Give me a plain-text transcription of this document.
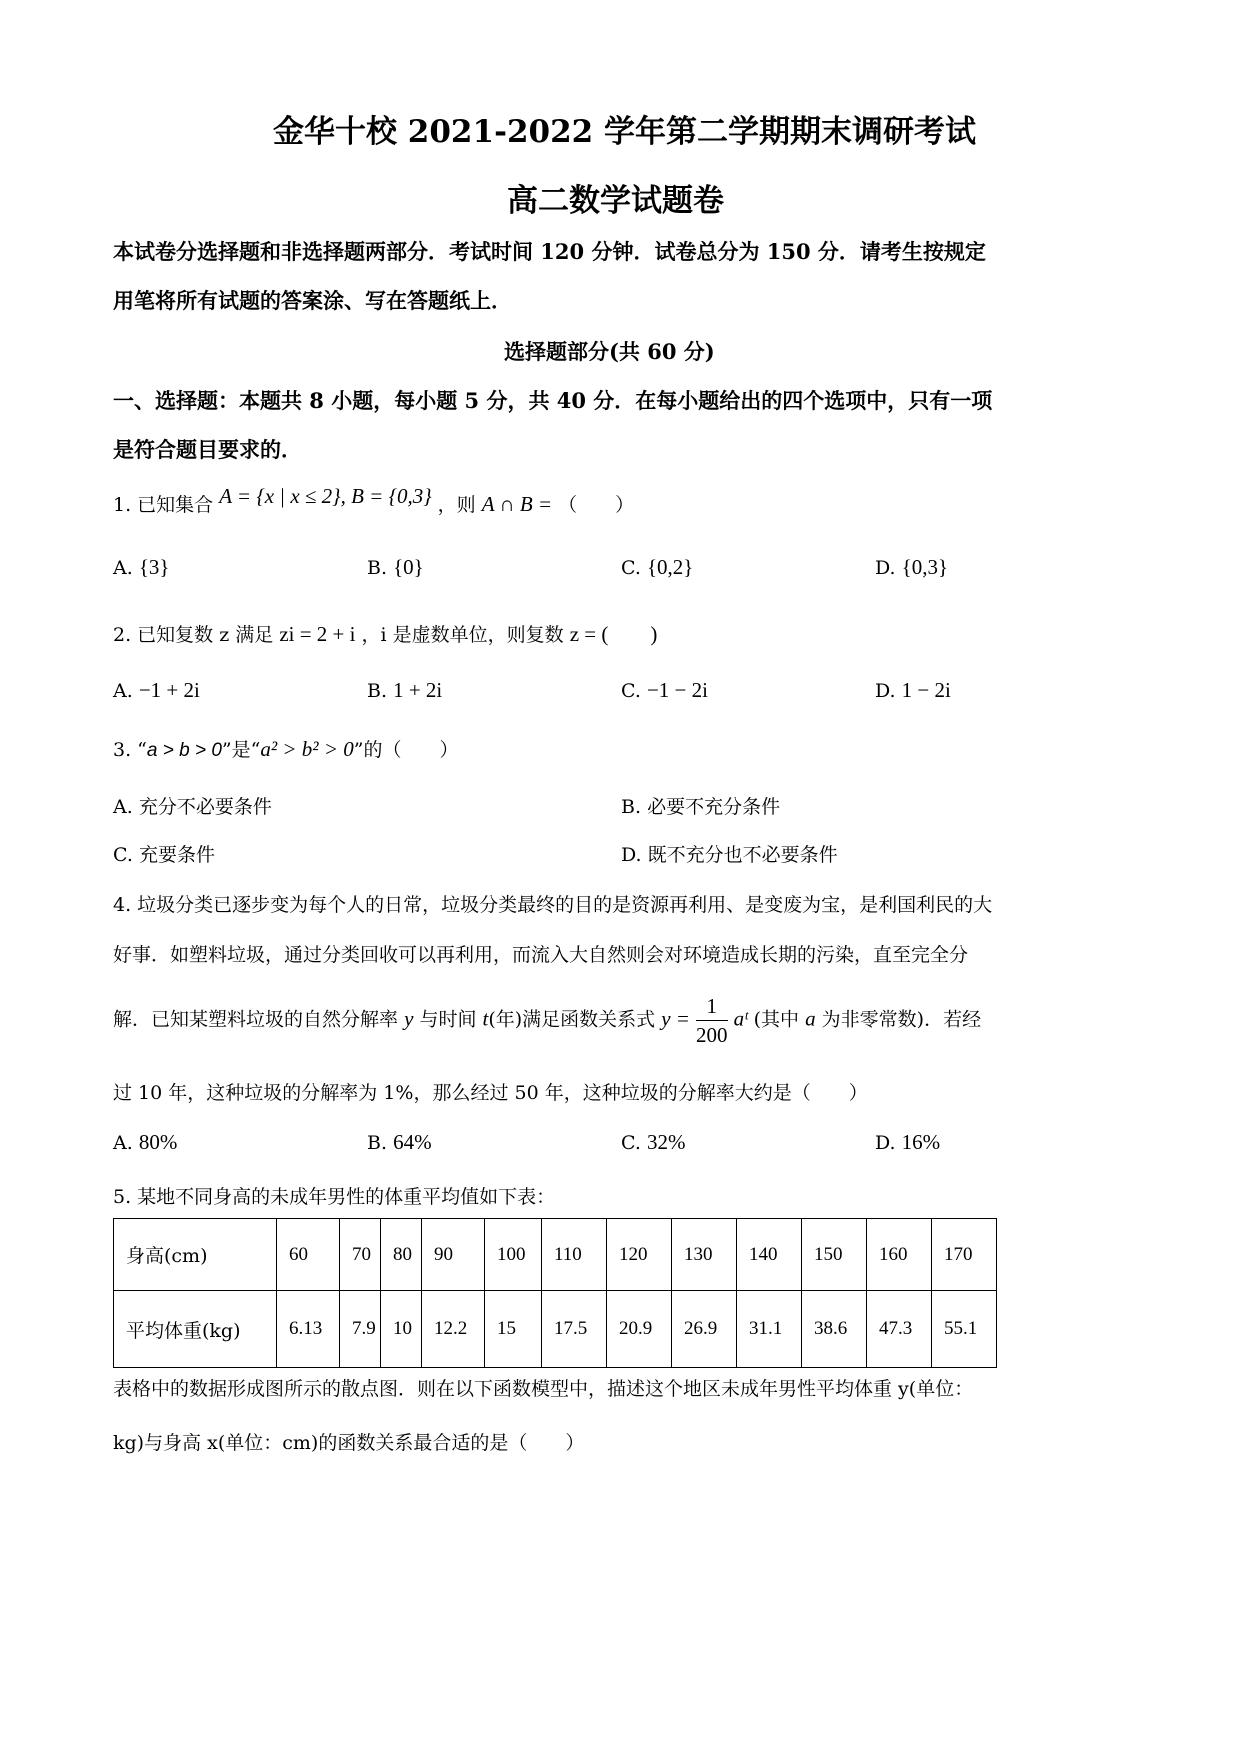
金华十校 2021-2022 学年第二学期期末调研考试
高二数学试题卷
本试卷分选择题和非选择题两部分．考试时间 120 分钟．试卷总分为 150 分．请考生按规定
用笔将所有试题的答案涂、写在答题纸上．
选择题部分(共 60 分)
一、选择题：本题共 8 小题，每小题 5 分，共 40 分．在每小题给出的四个选项中，只有一项
是符合题目要求的．
1. 已知集合 A = {x | x ≤ 2}, B = {0,3} ，则 A ∩ B = （　　）
A. {3}	B. {0}	C. {0,2}	D. {0,3}
2. 已知复数 z 满足 zi = 2 + i ，i 是虚数单位，则复数 z = (　　)
A. −1 + 2i	B. 1 + 2i	C. −1 − 2i	D. 1 − 2i
3. “a > b > 0”是“a² > b² > 0”的（　　）
A. 充分不必要条件	B. 必要不充分条件
C. 充要条件	D. 既不充分也不必要条件
4. 垃圾分类已逐步变为每个人的日常，垃圾分类最终的目的是资源再利用、是变废为宝，是利国利民的大
好事．如塑料垃圾，通过分类回收可以再利用，而流入大自然则会对环境造成长期的污染，直至完全分
解．已知某塑料垃圾的自然分解率 y 与时间 t(年)满足函数关系式 $y = \frac{1}{200}$ aᵗ (其中 a 为非零常数)．若经
过 10 年，这种垃圾的分解率为 1%，那么经过 50 年，这种垃圾的分解率大约是（　　）
A. 80%	B. 64%	C. 32%	D. 16%
5. 某地不同身高的未成年男性的体重平均值如下表：
身高(cm)	60	70	80	90	100	110	120	130	140	150	160	170
平均体重(kg)	6.13	7.9	10	12.2	15	17.5	20.9	26.9	31.1	38.6	47.3	55.1
表格中的数据形成图所示的散点图．则在以下函数模型中，描述这个地区未成年男性平均体重 y(单位：
kg)与身高 x(单位：cm)的函数关系最合适的是（　　）
